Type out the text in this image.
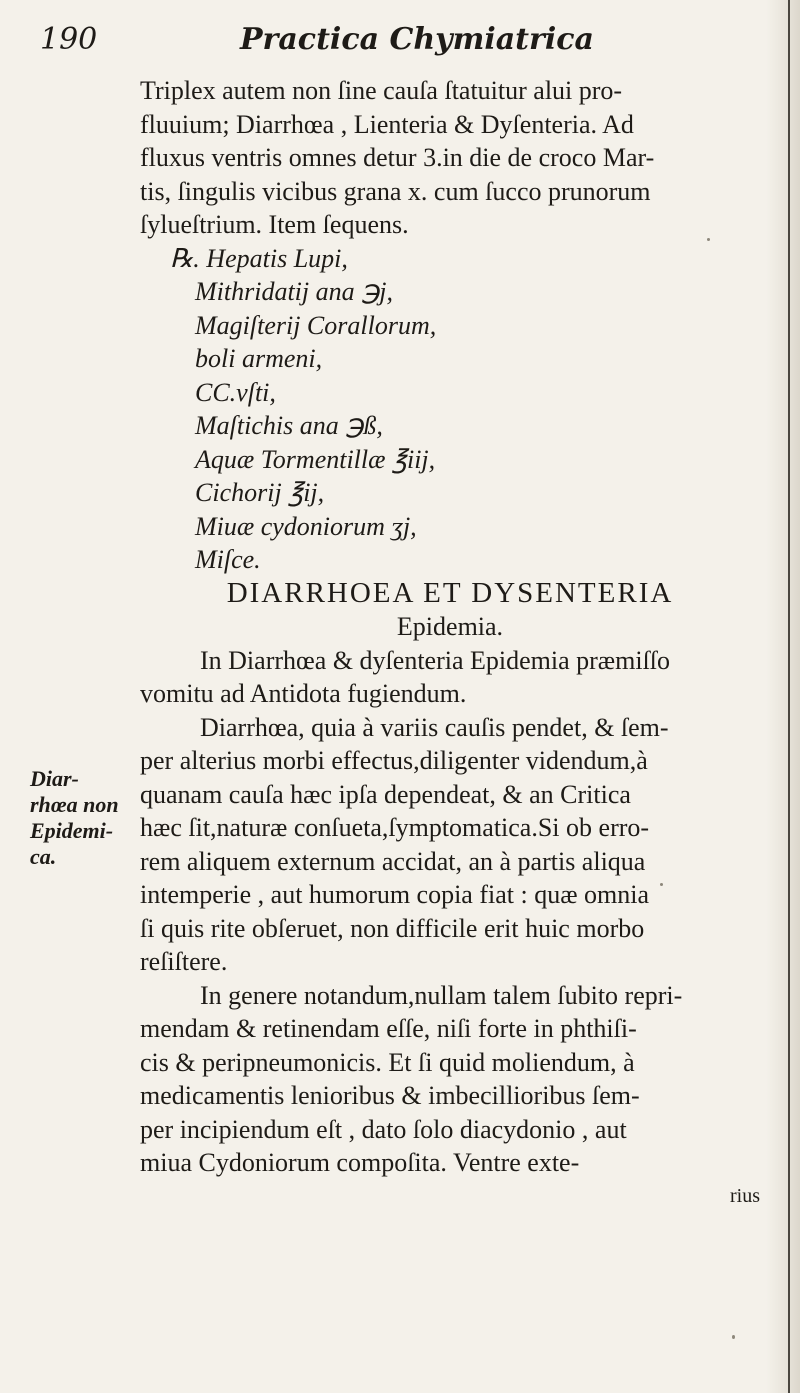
190	Practica Chymiatrica
Triplex autem non ſine cauſa ſtatuitur alui pro-
fluuium; Diarrhœa , Lienteria & Dyſenteria. Ad
fluxus ventris omnes detur 3.in die de croco Mar-
tis, ſingulis vicibus grana x. cum ſucco prunorum
ſylueſtrium. Item ſequens.
℞. Hepatis Lupi,
Mithridatij ana ℈j,
Magiſterij Corallorum,
boli armeni,
CC.vſti,
Maſtichis ana ℈ß,
Aquæ Tormentillæ ℥iij,
Cichorij ℥ij,
Miuæ cydoniorum ʒj,
Miſce.
DIARRHOEA ET DYSENTERIA
Epidemia.
In Diarrhœa & dyſenteria Epidemia præmiſſo
vomitu ad Antidota fugiendum.
Diarrhœa, quia à variis cauſis pendet, & ſem-
per alterius morbi effectus,diligenter videndum,à
quanam cauſa hæc ipſa dependeat, & an Critica
hæc ſit,naturæ conſueta,ſymptomatica.Si ob erro-
rem aliquem externum accidat, an à partis aliqua
intemperie , aut humorum copia fiat : quæ omnia
ſi quis rite obſeruet, non difficile erit huic morbo
reſiſtere.
In genere notandum,nullam talem ſubito repri-
mendam & retinendam eſſe, niſi forte in phthiſi-
cis & peripneumonicis. Et ſi quid moliendum, à
medicamentis lenioribus & imbecillioribus ſem-
per incipiendum eſt , dato ſolo diacydonio , aut
miua Cydoniorum compoſita. Ventre exte-
rius
Diar-
rhœa non
Epidemi-
ca.
